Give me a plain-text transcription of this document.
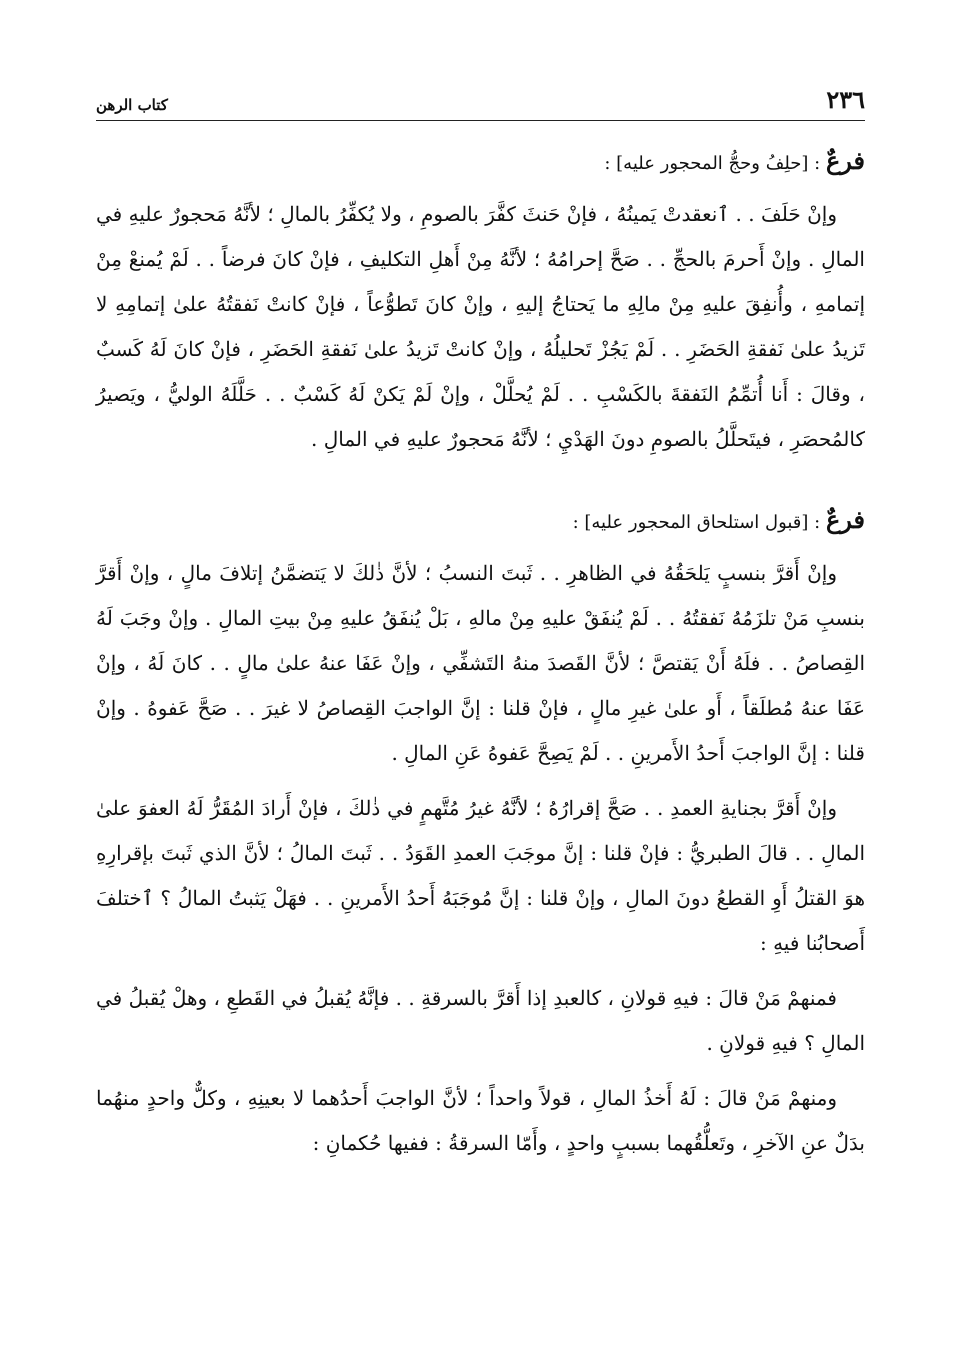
٢٣٦
كتاب الرهن
فرعٌ : [حلِفُ وحجُّ المحجور عليه] :

وإنْ حَلَفَ . . ٱنعقدتْ يَمينُهُ ، فإنْ حَنثَ كفَّرَ بالصومِ ، ولا يُكفِّرُ بالمالِ ؛ لأنَّهُ مَحجورٌ عليهِ في المالِ . وإنْ أَحرمَ بالحجِّ . . صَحَّ إحرامُهُ ؛ لأنَّهُ مِنْ أَهلِ التكليفِ ، فإنْ كانَ فرضاً . . لَمْ يُمنعْ مِنْ إتمامهِ ، وأُنفِقَ عليهِ مِنْ مالِهِ ما يَحتاجُ إليهِ ، وإنْ كانَ تَطوُّعاً ، فإنْ كانتْ نَفقتُهُ علىٰ إتمامِهِ لا تَزيدُ علىٰ نَفقةِ الحَضَرِ . . لَمْ يَجُزْ تَحليلُهُ ، وإنْ كانتْ تَزيدُ علىٰ نَفقةِ الحَضَرِ ، فإنْ كانَ لَهُ كَسبٌ ، وقالَ : أَنا أُتمِّمُ النَفقةَ بالكَسْبِ . . لَمْ يُحلَّلْ ، وإنْ لَمْ يَكنْ لَهُ كَسْبٌ . . حَلَّلَهُ الوليُّ ، ويَصيرُ كالمُحصَرِ ، فيتَحلَّلُ بالصومِ دونَ الهَدْيِ ؛ لأنَّهُ مَحجورٌ عليهِ في المالِ .

فرعٌ : [قبول استلحاق المحجور عليه] :

وإنْ أَقرَّ بنسبٍ يَلحَقُهُ في الظاهرِ . . ثَبتَ النسبُ ؛ لأنَّ ذٰلكَ لا يَتضمَّنُ إتلافَ مالٍ ، وإنْ أَقرَّ بنسبِ مَنْ تلزَمُهُ نَفقتُهُ . . لَمْ يُنفَقْ عليهِ مِنْ مالهِ ، بَلْ يُنفَقُ عليهِ مِنْ بيتِ المالِ . وإنْ وجَبَ لَهُ القِصاصُ . . فلَهُ أَنْ يَقتصَّ ؛ لأنَّ القَصدَ منهُ التَشفِّي ، وإنْ عَفَا عنهُ علىٰ مالٍ . . كانَ لَهُ ، وإنْ عَفَا عنهُ مُطلَقاً ، أَو علىٰ غيرِ مالٍ ، فإنْ قلنا : إنَّ الواجبَ القِصاصُ لا غيرَ . . صَحَّ عَفوهُ . وإنْ قلنا : إنَّ الواجبَ أَحدُ الأَمرينِ . . لَمْ يَصِحَّ عَفوهُ عَنِ المالِ .

وإنْ أَقرَّ بجنايةِ العمدِ . . صَحَّ إقرارُهُ ؛ لأنَّهُ غيرُ مُتَّهمٍ في ذٰلكَ ، فإنْ أَرادَ المُقَرُّ لَهُ العفوَ علىٰ المالِ . . قالَ الطبريُّ : فإنْ قلنا : إنَّ موجَبَ العمدِ القَوَدُ . . ثَبتَ المالُ ؛ لأنَّ الذي ثَبتَ بإقرارِهِ هوَ القتلُ أَوِ القطعُ دونَ المالِ ، وإنْ قلنا : إنَّ مُوجَبَهُ أَحدُ الأَمرينِ . . فهَلْ يَثبتُ المالُ ؟ ٱختلفَ أَصحابُنا فيهِ :

فمنهمْ مَنْ قالَ : فيهِ قولانِ ، كالعبدِ إذا أَقرَّ بالسرقةِ . . فإنَّهُ يُقبلُ في القَطعِ ، وهلْ يُقبلُ في المالِ ؟ فيهِ قولانِ .

ومنهمْ مَنْ قالَ : لَهُ أَخذُ المالِ ، قولاً واحداً ؛ لأنَّ الواجبَ أَحدُهما لا بعينِهِ ، وكلٌّ واحدٍ منهُما بدَلٌ عنِ الآخرِ ، وتَعلُّقُهما بسببٍ واحدٍ ، وأَمّا السرقةُ : ففيها حُكمانِ :
